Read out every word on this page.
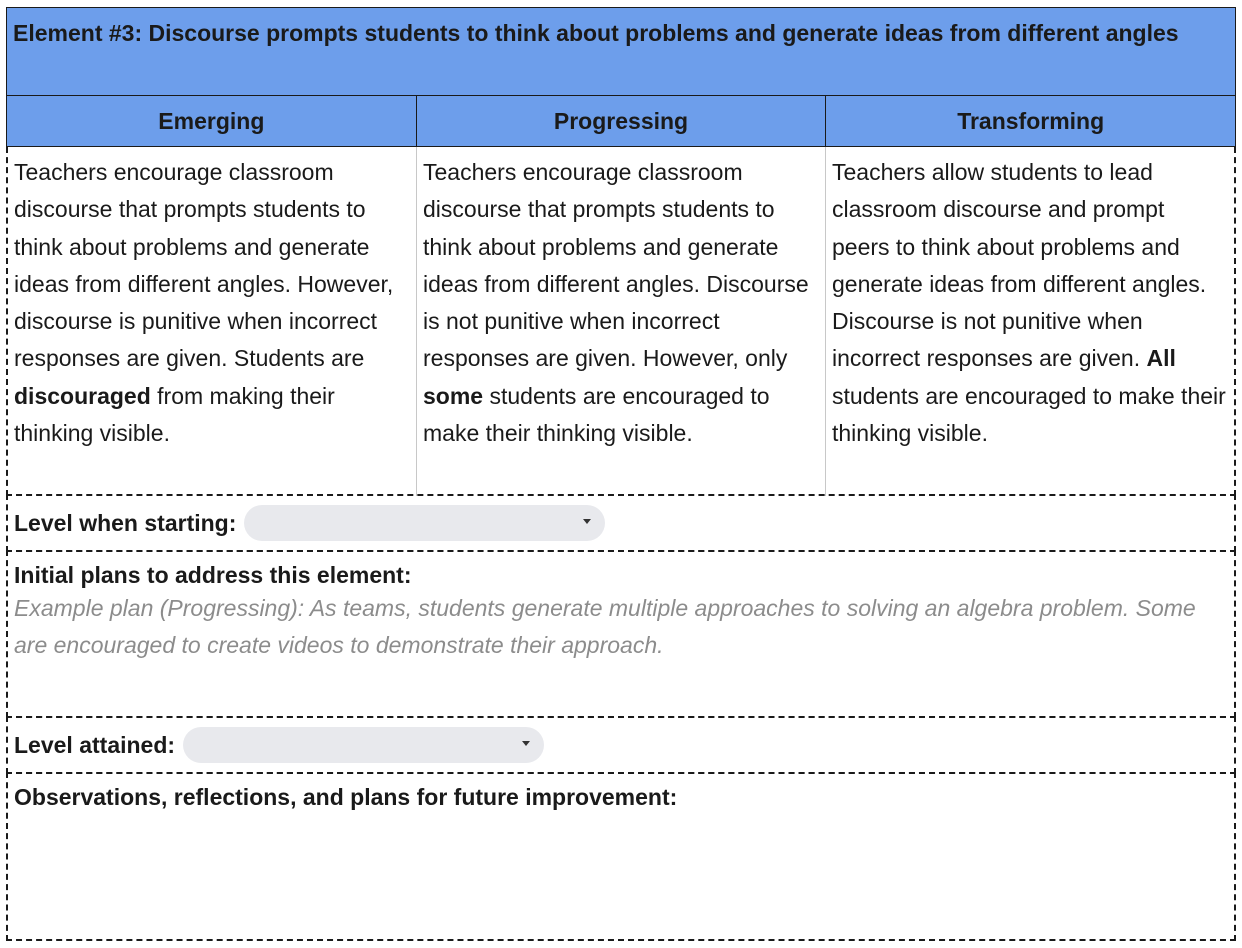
Element #3: Discourse prompts students to think about problems and generate ideas from different angles
Emerging	Progressing	Transforming
Teachers encourage classroom discourse that prompts students to think about problems and generate ideas from different angles. However, discourse is punitive when incorrect responses are given. Students are discouraged from making their thinking visible.
Teachers encourage classroom discourse that prompts students to think about problems and generate ideas from different angles. Discourse is not punitive when incorrect responses are given. However, only some students are encouraged to make their thinking visible.
Teachers allow students to lead classroom discourse and prompt peers to think about problems and generate ideas from different angles. Discourse is not punitive when incorrect responses are given. All students are encouraged to make their thinking visible.
Level when starting:
Initial plans to address this element:
Example plan (Progressing): As teams, students generate multiple approaches to solving an algebra problem. Some are encouraged to create videos to demonstrate their approach.
Level attained:
Observations, reflections, and plans for future improvement:
